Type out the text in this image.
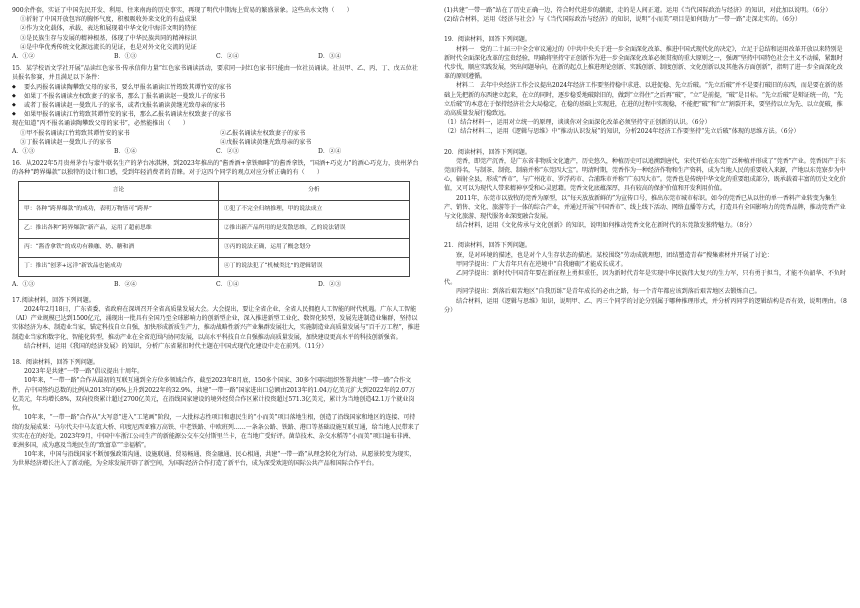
900余件套，实证了中国先民开发、利用、往来南海的历史事实，再现了明代中期海上贸易的繁盛景象。这些出水文物（　　）

①折射了中国开放包容的胸怀气度，积极吸收外来文化的有益成果

②作为文化载体，承载、表达和展现着中华文化中海洋文明的特征

③是民族生存与发展的精神根基，体现了中华民族共同的精神标识

④是中华优秀传统文化源远流长的见证，也是对外文化交流的见证

A．①②	B．①③	C．②④	D．③④

15．某学校语文学社开展“品读红色家书·传承信仰力量”红色家书诵读活动，要求同一封红色家书只能由一位社员诵读。社员甲、乙、丙、丁、戊五位社员报名参赛，并且满足以下条件：

◆ 要么丙报名诵读陶攀致父母的家书，要么甲报名诵读江竹筠致其谭竹安的家书

◆ 如果丁不报名诵读左权致妻子的家书，那么丁报名诵读赵一曼致儿子的家书

◆ 或者丁报名诵读赵一曼致儿子的家书，或者戊报名诵读黄继光致母亲的家书

◆ 如果甲报名诵读江竹筠致其谭竹安的家书，那么乙报名诵读左权致妻子的家书

现在知道“丙不报名诵读陶攀致父母的家书”，必然能推出（　　）

①甲不报名诵读江竹筠致其谭竹安的家书	②乙报名诵读左权致妻子的家书
③丁报名诵读赵一曼致儿子的家书	④戊报名诵读黄继光致母亲的家书
A．①③	B．①④	C．②③	D．②④

16．从2022年5月贵州茅台与蒙牛联名生产的茅台冰淇淋，到2023年推出的“酱香酒+拿铁咖啡”的酱香拿铁，“国酒+巧克力”的酒心巧克力，贵州茅台的各种“跨界爆款”以独特的设计和口感，受到年轻消费者的青睐。对于这四个同学的观点对应分析正确的有（　　）

言论	分析
甲：各种“跨界爆款”的成功，表明万物皆可“跨界”	①犯了不完全归纳推理，甲的说法成立
乙：推出各种“跨界爆款”新产品，运用了超前思维	②推出新产品所用的是发散思维，乙的说法错误
丙：“酱香拿铁”的成功有赖咖、奶、糖和酒	③丙的说法正确，运用了概念划分
丁：推出“创茅+远洋”新饮品也能成功	④丁的说法犯了“机械类比”的逻辑错误
A．①③	B．②④	C．①④	D．②③

17.阅读材料，回答下列问题。

2024年2月18日，广东省委、省政府在深圳召开全省高质量发展大会。大会提出，要让全省企业、全省人民拥抱人工智能的时代机遇。广东人工智能（AI）产业规模已达到1500亿元，涌现出一批具有全国乃至全球影响力的创新型企业，深入推进新型工业化、数智化转型，发展先进制造业集群，坚持以实体经济为本、制造业当家，锚定科技自立自强，加快形成新质生产力，推动战略性新兴产业集群发展壮大，实施制造业高质量发展与“百千万工程”，推进制造业当家和数字化、智能化转型，推动产业在全省范围内协同发展，以高水平科技自立自强推动高质量发展，加快建设更高水平的科技创新强省。

结合材料，运用《我国的经济发展》的知识，分析广东省紧扣时代主题在中国式现代化建设中走在前列。（11分）

18．阅读材料，回答下列问题。

2023年是共建“一带一路”倡议提出十周年。

10年来，“一带一路”合作从最初的互联互通到全方位多领域合作，截至2023年8月底，150多个国家、30多个国际组织签署共建“一带一路”合作文件，占中国签约总数的比例从2013年的6%上升到2022年的32.9%，共建“一带一路”国家进出口总额由2013年的1.04万亿美元扩大到2022年的2.07万亿美元，年均增长8%，双向投资累计超过2700亿美元，在沿线国家建设的境外经贸合作区累计投资超过571.3亿美元，累计为当地创造42.1万个就业岗位。

10年来，“一带一路”合作从“大写意”进入“工笔画”阶段，一大批标志性项目和惠民生的“小而美”项目落地生根，创造了沿线国家和地区的连接、可持续的发展成果：马尔代夫中马友谊大桥、印度尼西亚雅万高铁、中老铁路、中欧班列……一条条公路、铁路、港口等基础设施互联互通，给当地人民带来了实实在在的好处。2023年9月，中国中车浙江公司生产的新能源公交车交付斯里兰卡，在当地广受好评。菌草技术、杂交水稻等“小而美”项目遍布非洲、亚洲多国，成为惠及当地民生的“致富草”“幸福稻”。

10年来，中国与沿线国家不断加强政策沟通、设施联通、贸易畅通、资金融通、民心相通，共建“一带一路”从理念转化为行动、从愿景转变为现实，为世界经济增长注入了新动能，为全球发展开辟了新空间，为国际经济合作打造了新平台，成为深受欢迎的国际公共产品和国际合作平台。

(1)共建“一带一路”站在了历史正确一边，符合时代进步的潮流，走的是人间正道。运用《当代国际政治与经济》的知识，对此加以说明。（6分）

(2)结合材料，运用《经济与社会》与《当代国际政治与经济》的知识，说明“小而美”项目是如何助力“一带一路”走深走实的。（6分）

19．阅读材料，回答下列问题。

材料一　党的二十届三中全会审议通过的《中共中央关于进一步全面深化改革、推进中国式现代化的决定》，立足于总结和运用改革开放以来特别是新时代全面深化改革的宝贵经验，明确将坚持守正创新作为进一步全面深化改革必须贯彻的重大原则之一，强调“坚持中国特色社会主义不动摇，紧跟时代步伐，顺应实践发展，突出问题导向，在新的起点上推进理论创新、实践创新、制度创新、文化创新以及其他各方面创新”，指明了进一步全面深化改革的原则遵循。

材料二　去年中央经济工作会议提出2024年经济工作要坚持稳中求进、以进促稳、先立后破。“先立后破”并不是要打破旧的东西，而是要在新的基础上先把新的东西建立起来，在立的同时，逐步稳妥地破除旧的，做到“立得住”之后再“破”，“立”是前提，“破”是目标。“先立后破”是辩证统一的，“先立后破”的本意在于保持经济社会大局稳定，在稳的基础上实现进，在进的过程中实现稳，不能把“破”和“立”割裂开来，要坚持以立为先、以立促破，推动高质量发展行稳致远。

（1）结合材料一，运用对立统一的原理，谈谈你对全面深化改革必须坚持守正创新的认识。（6分）

（2）结合材料二，运用《逻辑与思维》中“推动认识发展”的知识，分析2024年经济工作要坚持“先立后破”体现的思维方法。（6分）

20．阅读材料，回答下列问题。

莞香，即莞产沉香，是广东省非物质文化遗产，历史悠久，种植历史可以追溯到唐代，宋代开始在东莞广泛种植并形成了“莞香”产业。莞香因产于东莞而得名，与制茶、制瓷、制扇并称“东莞四大宝”。明清时期，莞香作为一种经济作物和生产资料，成为当地人民的重要收入来源，产地以东莞寮步为中心，辐射全县，形成“香市”，与广州花市、罗浮药市、合浦珠市并称“广东四大市”。莞香也是传统中华文化的重要组成部分，既承载着丰富的历史文化价值，又可以为现代人带来精神享受和心灵慰藉。莞香文化底蕴深厚，具有较高的保护价值和开发利用价值。

2011年，东莞市以放牧的莞香为原型，以“每天放放新鲜的”为宣传口号，推出东莞市城市标识。如今的莞香已从以往的单一香料产业转变为集生产、销售、文化、旅游等于一体的综合产业，并通过开展“中国香市”、线上线下活动、网络直播等方式，打造具有全国影响力的莞香品牌，推动莞香产业与文化旅游、现代服务业深度融合发展。

结合材料，运用《文化传承与文化创新》的知识，说明如何推动莞香文化在新时代的东莞散发独特魅力。（8分）

21．阅读材料，回答下列问题。

寮，是对环境的描述，也是对个人生存状态的描述。某校围绕“劳动成就理想，团结塑造青春”搜集素材并开展了讨论：

甲同学提出：广大青年只有在逆境中“自我磨砺”才能成长成才。

乙同学提出：新时代中国青年要在新征程上勇担重任，因为新时代青年是实现中华民族伟大复兴的生力军，只有勇于担当，才能不负韶华、不负时代。

丙同学提出：到落后艰苦地区“自我历练”是青年成长的必由之路，每一个青年都应该到落后艰苦地区去锻炼自己。

结合材料，运用《逻辑与思维》知识，说明甲、乙、丙三个同学的讨论分别属于哪种推理形式，并分析丙同学的逻辑结构是否有效，说明理由。（8分）
